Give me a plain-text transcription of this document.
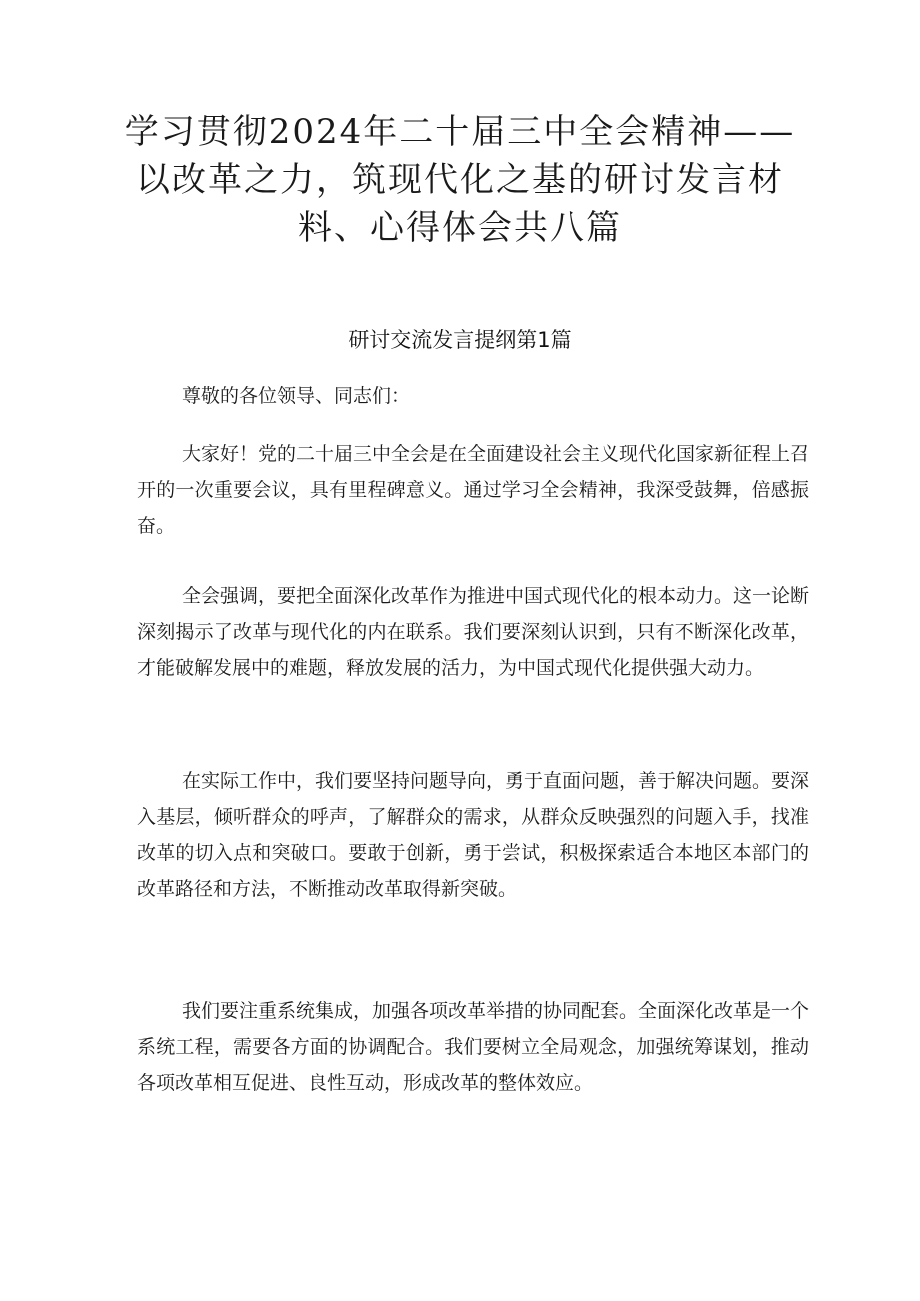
学习贯彻2024年二十届三中全会精神——以改革之力，筑现代化之基的研讨发言材料、心得体会共八篇
研讨交流发言提纲第1篇

尊敬的各位领导、同志们：

大家好！党的二十届三中全会是在全面建设社会主义现代化国家新征程上召开的一次重要会议，具有里程碑意义。通过学习全会精神，我深受鼓舞，倍感振奋。

全会强调，要把全面深化改革作为推进中国式现代化的根本动力。这一论断深刻揭示了改革与现代化的内在联系。我们要深刻认识到，只有不断深化改革，才能破解发展中的难题，释放发展的活力，为中国式现代化提供强大动力。

在实际工作中，我们要坚持问题导向，勇于直面问题，善于解决问题。要深入基层，倾听群众的呼声，了解群众的需求，从群众反映强烈的问题入手，找准改革的切入点和突破口。要敢于创新，勇于尝试，积极探索适合本地区本部门的改革路径和方法，不断推动改革取得新突破。

我们要注重系统集成，加强各项改革举措的协同配套。全面深化改革是一个系统工程，需要各方面的协调配合。我们要树立全局观念，加强统筹谋划，推动各项改革相互促进、良性互动，形成改革的整体效应。
